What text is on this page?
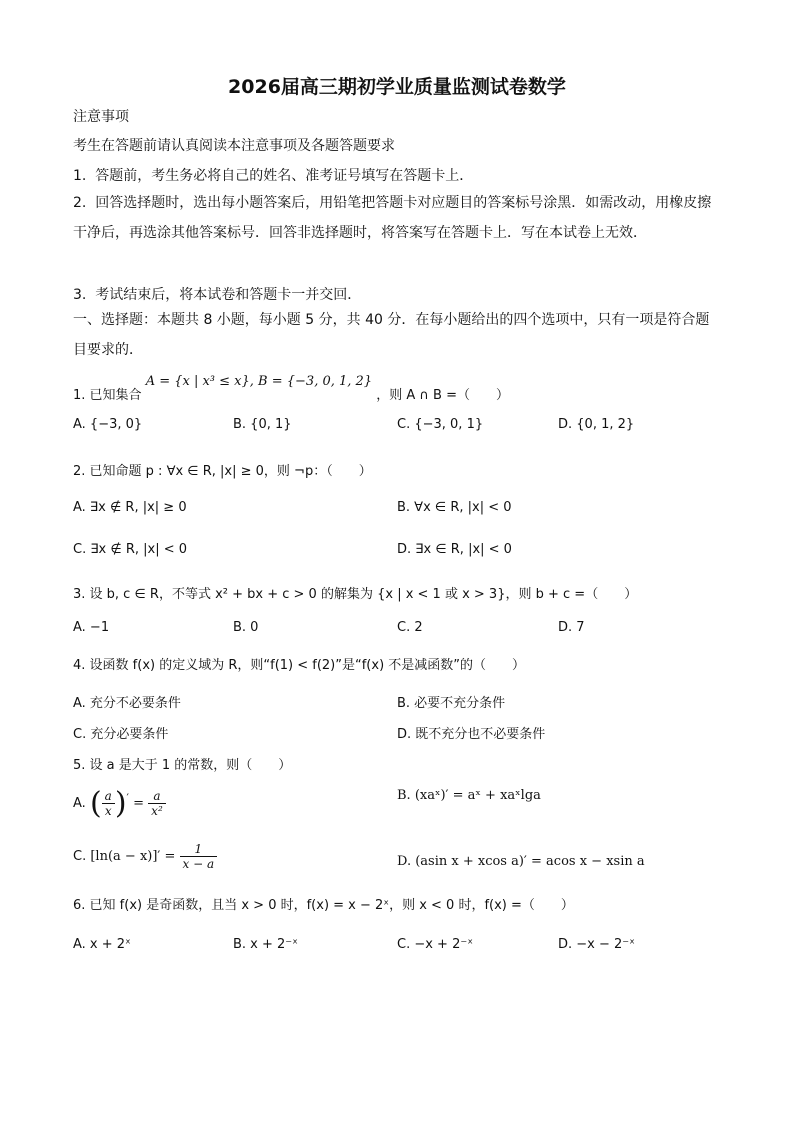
2026届高三期初学业质量监测试卷数学
注意事项
考生在答题前请认真阅读本注意事项及各题答题要求
1. 答题前，考生务必将自己的姓名、准考证号填写在答题卡上．
2. 回答选择题时，选出每小题答案后，用铅笔把答题卡对应题目的答案标号涂黑．如需改动，用橡皮擦干净后，再选涂其他答案标号．回答非选择题时，将答案写在答题卡上．写在本试卷上无效．
3. 考试结束后，将本试卷和答题卡一并交回．
一、选择题：本题共 8 小题，每小题 5 分，共 40 分．在每小题给出的四个选项中，只有一项是符合题目要求的．
1. 已知集合 A = {x | x³ ≤ x}, B = {−3, 0, 1, 2} ，则 A ∩ B =（　　）
A. {−3, 0}	B. {0, 1}	C. {−3, 0, 1}	D. {0, 1, 2}
2. 已知命题 p : ∀x ∈ R, |x| ≥ 0，则 ¬p：（　　）
A. ∃x ∉ R, |x| ≥ 0	B. ∀x ∈ R, |x| < 0
C. ∃x ∉ R, |x| < 0	D. ∃x ∈ R, |x| < 0
3. 设 b, c ∈ R，不等式 x² + bx + c > 0 的解集为 {x | x < 1 或 x > 3}，则 b + c =（　　）
A. −1	B. 0	C. 2	D. 7
4. 设函数 f(x) 的定义域为 R，则“f(1) < f(2)”是“f(x) 不是减函数”的（　　）
A. 充分不必要条件	B. 必要不充分条件
C. 充分必要条件	D. 既不充分也不必要条件
5. 设 a 是大于 1 的常数，则（　　）
A. ( $\frac{a}{x} )' = \frac{a}{\text{x²}}$	B. (xaˣ)′ = aˣ + xaˣlga
C. $[\ln(a - x)]' = \frac{1}{x - a}$	D. (asin x + xcos a)′ = acos x − xsin a
6. 已知 f(x) 是奇函数，且当 x > 0 时，f(x) = x − 2ˣ，则 x < 0 时，f(x) =（　　）
A. x + 2ˣ	B. x + 2⁻ˣ	C. −x + 2⁻ˣ	D. −x − 2⁻ˣ
